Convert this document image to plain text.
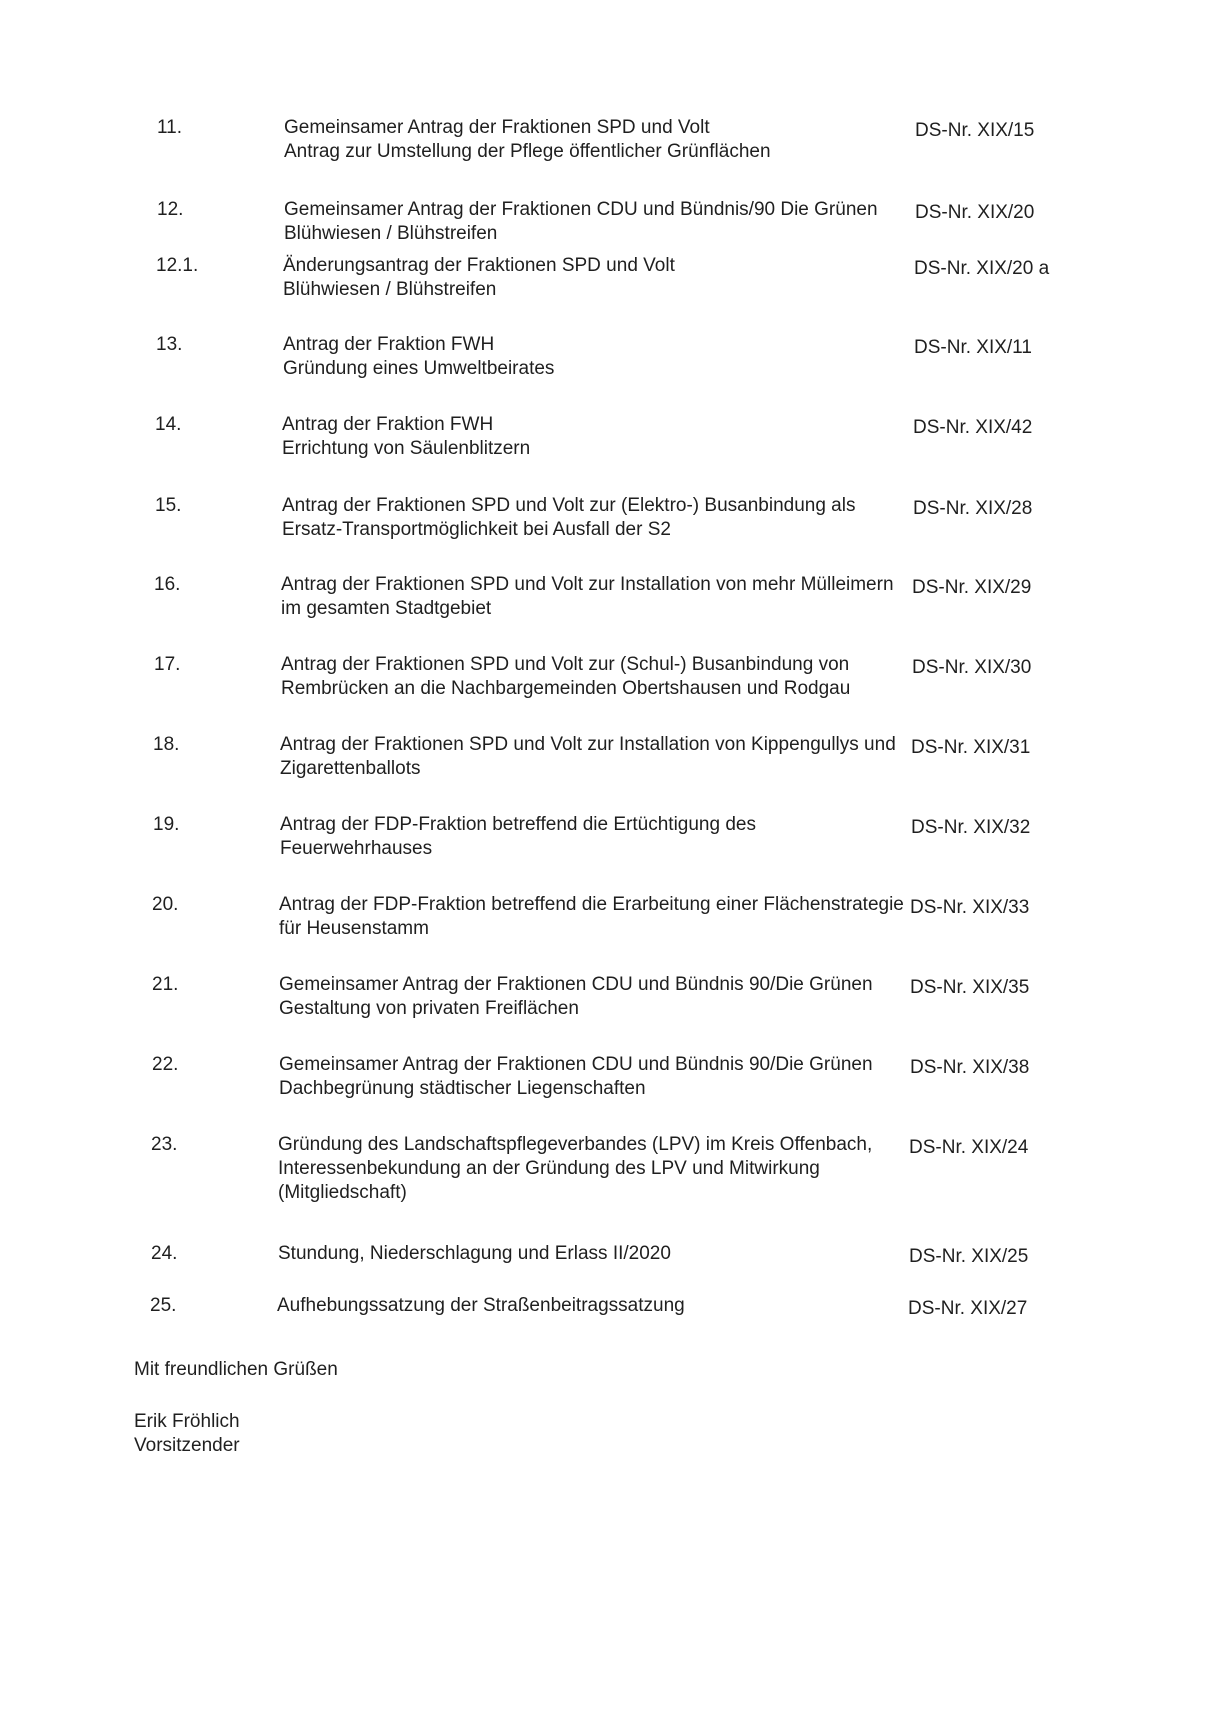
11.	Gemeinsamer Antrag der Fraktionen SPD und Volt
Antrag zur Umstellung der Pflege öffentlicher Grünflächen
DS-Nr. XIX/15
12.	Gemeinsamer Antrag der Fraktionen CDU und Bündnis/90 Die Grünen
Blühwiesen / Blühstreifen
DS-Nr. XIX/20
12.1.	Änderungsantrag der Fraktionen SPD und Volt
Blühwiesen / Blühstreifen
DS-Nr. XIX/20 a
13.	Antrag der Fraktion FWH
Gründung eines Umweltbeirates
DS-Nr. XIX/11
14.	Antrag der Fraktion FWH
Errichtung von Säulenblitzern
DS-Nr. XIX/42
15.	Antrag der Fraktionen SPD und Volt zur (Elektro-) Busanbindung als
Ersatz-Transportmöglichkeit bei Ausfall der S2
DS-Nr. XIX/28
16.	Antrag der Fraktionen SPD und Volt zur Installation von mehr Mülleimern
im gesamten Stadtgebiet
DS-Nr. XIX/29
17.	Antrag der Fraktionen SPD und Volt zur (Schul-) Busanbindung von
Rembrücken an die Nachbargemeinden Obertshausen und Rodgau
DS-Nr. XIX/30
18.	Antrag der Fraktionen SPD und Volt zur Installation von Kippengullys und
Zigarettenballots
DS-Nr. XIX/31
19.	Antrag der FDP-Fraktion betreffend die Ertüchtigung des
Feuerwehrhauses
DS-Nr. XIX/32
20.	Antrag der FDP-Fraktion betreffend die Erarbeitung einer Flächenstrategie
für Heusenstamm
DS-Nr. XIX/33
21.	Gemeinsamer Antrag der Fraktionen CDU und Bündnis 90/Die Grünen
Gestaltung von privaten Freiflächen
DS-Nr. XIX/35
22.	Gemeinsamer Antrag der Fraktionen CDU und Bündnis 90/Die Grünen
Dachbegrünung städtischer Liegenschaften
DS-Nr. XIX/38
23.	Gründung des Landschaftspflegeverbandes (LPV) im Kreis Offenbach,
Interessenbekundung an der Gründung des LPV und Mitwirkung
(Mitgliedschaft)
DS-Nr. XIX/24
24.	Stundung, Niederschlagung und Erlass II/2020	DS-Nr. XIX/25
25.	Aufhebungssatzung der Straßenbeitragssatzung	DS-Nr. XIX/27
Mit freundlichen Grüßen
Erik Fröhlich
Vorsitzender
